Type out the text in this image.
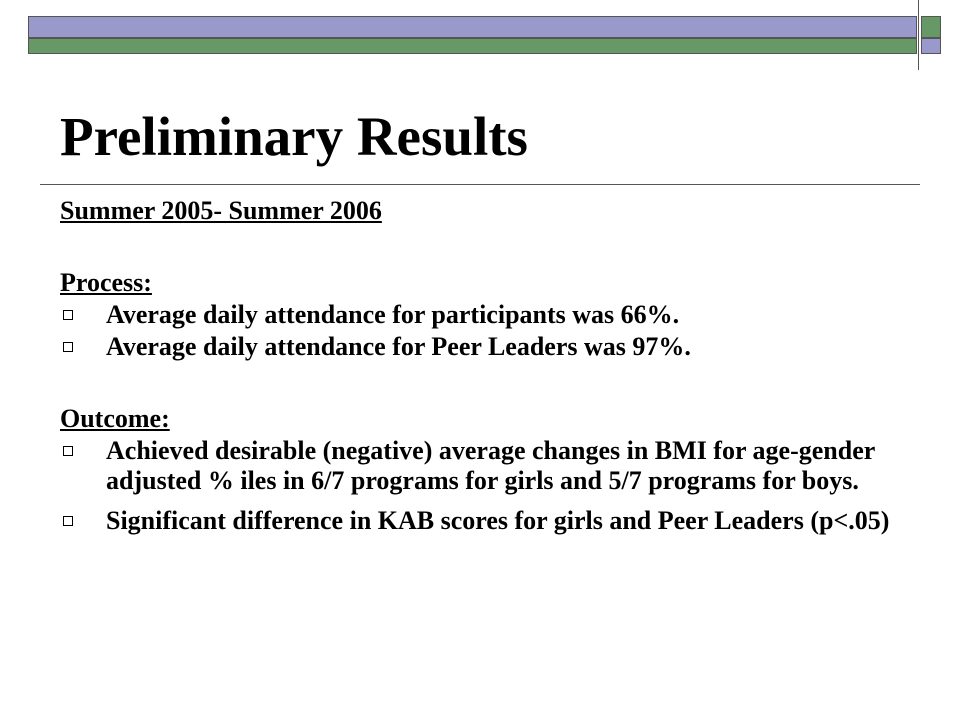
Preliminary Results
Summer 2005- Summer 2006
Process:
Average daily attendance for participants was 66%.
Average daily attendance for Peer Leaders was 97%.
Outcome:
Achieved desirable (negative) average changes in BMI for age-gender adjusted % iles in 6/7 programs for girls and 5/7 programs for boys.
Significant difference in KAB scores for girls and Peer Leaders (p<.05)
